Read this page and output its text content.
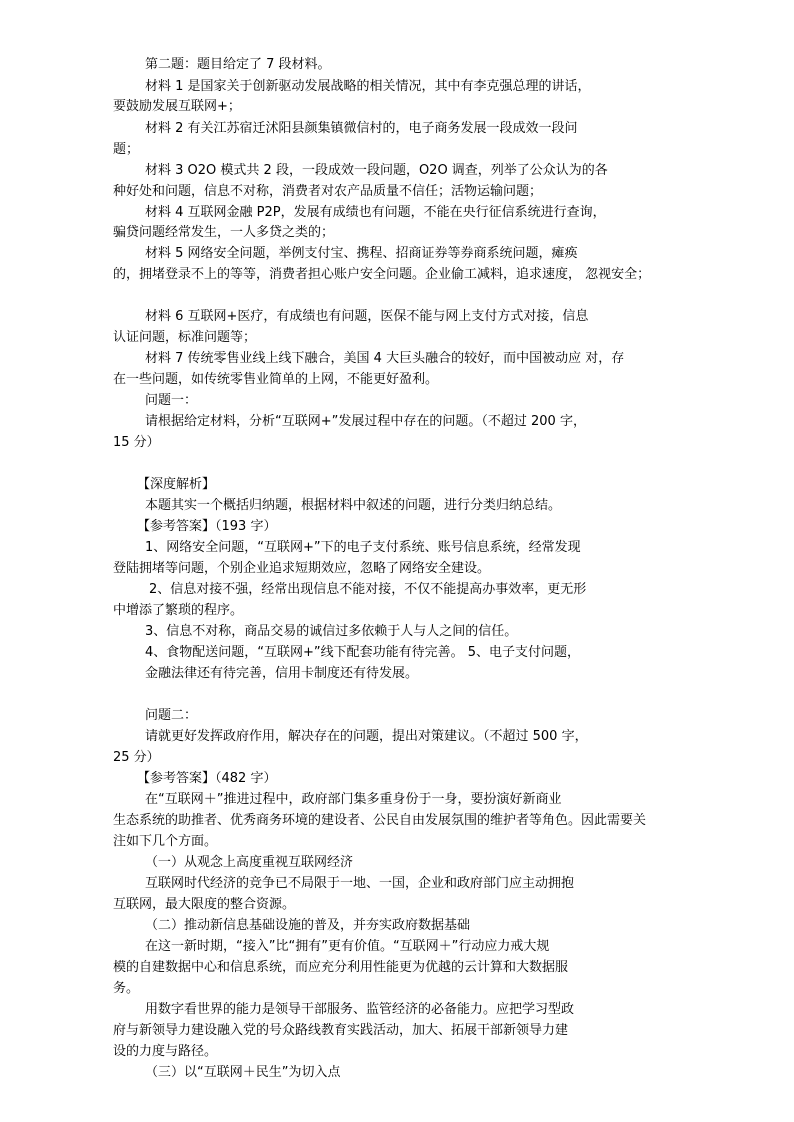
第二题：题目给定了 7 段材料。
材料 1 是国家关于创新驱动发展战略的相关情况，其中有李克强总理的讲话，
要鼓励发展互联网+；
材料 2 有关江苏宿迁沭阳县颜集镇微信村的，电子商务发展一段成效一段问
题；
材料 3 O2O 模式共 2 段，一段成效一段问题，O2O 调查，列举了公众认为的各
种好处和问题，信息不对称，消费者对农产品质量不信任；活物运输问题；
材料 4 互联网金融 P2P，发展有成绩也有问题，不能在央行征信系统进行查询，
骗贷问题经常发生，一人多贷之类的；
材料 5 网络安全问题，举例支付宝、携程、招商证券等券商系统问题，瘫痪
的，拥堵登录不上的等等，消费者担心账户安全问题。企业偷工减料，追求速度， 忽视安全；
材料 6 互联网+医疗，有成绩也有问题，医保不能与网上支付方式对接，信息
认证问题，标准问题等；
材料 7 传统零售业线上线下融合，美国 4 大巨头融合的较好，而中国被动应 对，存
在一些问题，如传统零售业简单的上网，不能更好盈利。
问题一：
请根据给定材料，分析“互联网+”发展过程中存在的问题。（不超过 200 字，
15 分）
【深度解析】
本题其实一个概括归纳题，根据材料中叙述的问题，进行分类归纳总结。
【参考答案】（193 字）
1、网络安全问题，“互联网+”下的电子支付系统、账号信息系统，经常发现
登陆拥堵等问题，个别企业追求短期效应，忽略了网络安全建设。
2、信息对接不强，经常出现信息不能对接，不仅不能提高办事效率，更无形
中增添了繁琐的程序。
3、信息不对称，商品交易的诚信过多依赖于人与人之间的信任。
4、食物配送问题，“互联网+”线下配套功能有待完善。 5、电子支付问题，
金融法律还有待完善，信用卡制度还有待发展。
问题二：
请就更好发挥政府作用，解决存在的问题，提出对策建议。（不超过 500 字，
25 分）
【参考答案】（482 字）
在“互联网＋”推进过程中，政府部门集多重身份于一身，要扮演好新商业
生态系统的助推者、优秀商务环境的建设者、公民自由发展氛围的维护者等角色。因此需要关
注如下几个方面。
（一）从观念上高度重视互联网经济
互联网时代经济的竞争已不局限于一地、一国，企业和政府部门应主动拥抱
互联网，最大限度的整合资源。
（二）推动新信息基础设施的普及，并夯实政府数据基础
在这一新时期，“接入”比“拥有”更有价值。“互联网＋”行动应力戒大规
模的自建数据中心和信息系统，而应充分利用性能更为优越的云计算和大数据服
务。
用数字看世界的能力是领导干部服务、监管经济的必备能力。应把学习型政
府与新领导力建设融入党的号众路线教育实践活动，加大、拓展干部新领导力建
设的力度与路径。
（三）以“互联网＋民生”为切入点
